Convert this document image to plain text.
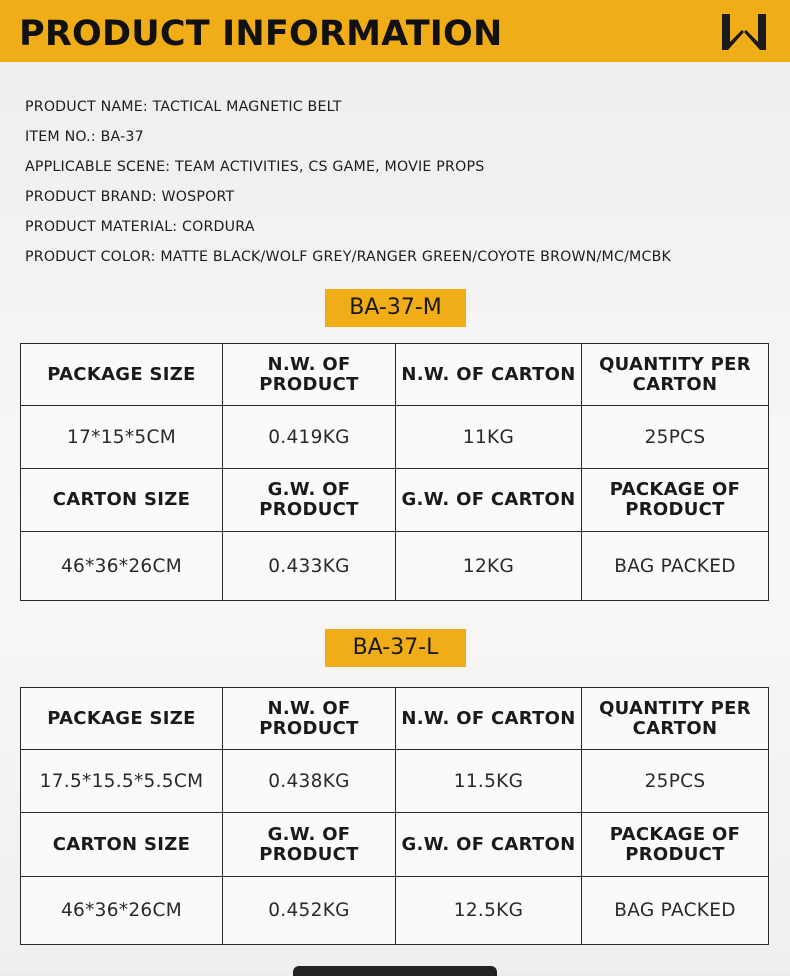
PRODUCT INFORMATION
PRODUCT NAME: TACTICAL MAGNETIC BELT
ITEM NO.: BA-37
APPLICABLE SCENE: TEAM ACTIVITIES, CS GAME, MOVIE PROPS
PRODUCT BRAND: WOSPORT
PRODUCT MATERIAL: CORDURA
PRODUCT COLOR: MATTE BLACK/WOLF GREY/RANGER GREEN/COYOTE BROWN/MC/MCBK
BA-37-M
PACKAGE SIZE	N.W. OF PRODUCT	N.W. OF CARTON	QUANTITY PER CARTON
17*15*5CM	0.419KG	11KG	25PCS
CARTON SIZE	G.W. OF PRODUCT	G.W. OF CARTON	PACKAGE OF PRODUCT
46*36*26CM	0.433KG	12KG	BAG PACKED
BA-37-L
PACKAGE SIZE	N.W. OF PRODUCT	N.W. OF CARTON	QUANTITY PER CARTON
17.5*15.5*5.5CM	0.438KG	11.5KG	25PCS
CARTON SIZE	G.W. OF PRODUCT	G.W. OF CARTON	PACKAGE OF PRODUCT
46*36*26CM	0.452KG	12.5KG	BAG PACKED
